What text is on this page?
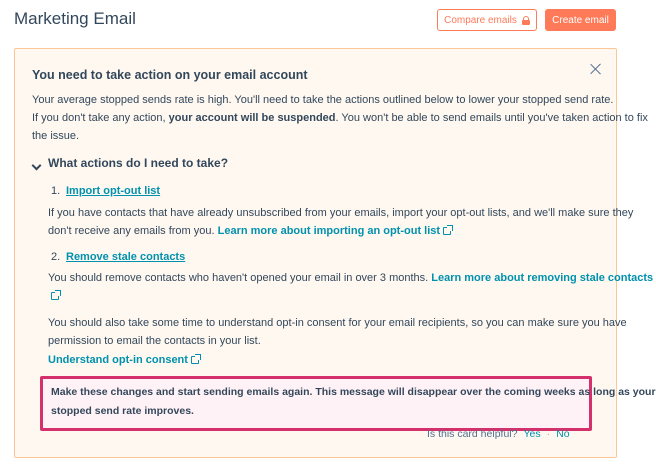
Marketing Email	Compare emails	Create email
You need to take action on your email account
Your average stopped sends rate is high. You'll need to take the actions outlined below to lower your stopped send rate.
If you don't take any action, your account will be suspended. You won't be able to send emails until you've taken action to fix
the issue.
What actions do I need to take?
1. Import opt-out list
If you have contacts that have already unsubscribed from your emails, import your opt-out lists, and we'll make sure they
don't receive any emails from you. Learn more about importing an opt-out list
2. Remove stale contacts
You should remove contacts who haven't opened your email in over 3 months. Learn more about removing stale contacts
You should also take some time to understand opt-in consent for your email recipients, so you can make sure you have
permission to email the contacts in your list.
Understand opt-in consent
Make these changes and start sending emails again. This message will disappear over the coming weeks as long as your
stopped send rate improves.
Is this card helpful? Yes · No
